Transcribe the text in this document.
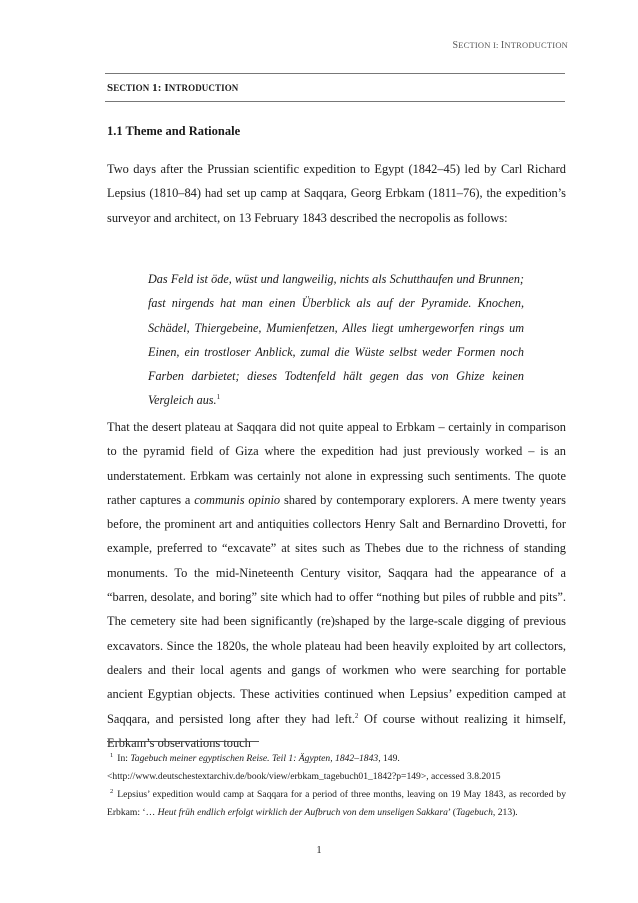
SECTION I: INTRODUCTION
SECTION 1: INTRODUCTION
1.1 Theme and Rationale

Two days after the Prussian scientific expedition to Egypt (1842–45) led by Carl Richard Lepsius (1810–84) had set up camp at Saqqara, Georg Erbkam (1811–76), the expedition’s surveyor and architect, on 13 February 1843 described the necropolis as follows:

Das Feld ist öde, wüst und langweilig, nichts als Schutthaufen und Brunnen; fast nirgends hat man einen Überblick als auf der Pyramide. Knochen, Schädel, Thiergebeine, Mumienfetzen, Alles liegt umhergeworfen rings um Einen, ein trostloser Anblick, zumal die Wüste selbst weder Formen noch Farben darbietet; dieses Todtenfeld hält gegen das von Ghize keinen Vergleich aus.$^1$

That the desert plateau at Saqqara did not quite appeal to Erbkam – certainly in comparison to the pyramid field of Giza where the expedition had just previously worked – is an understatement. Erbkam was certainly not alone in expressing such sentiments. The quote rather captures a communis opinio shared by contemporary explorers. A mere twenty years before, the prominent art and antiquities collectors Henry Salt and Bernardino Drovetti, for example, preferred to “excavate” at sites such as Thebes due to the richness of standing monuments. To the mid-Nineteenth Century visitor, Saqqara had the appearance of a “barren, desolate, and boring” site which had to offer “nothing but piles of rubble and pits”. The cemetery site had been significantly (re)shaped by the large-scale digging of previous excavators. Since the 1820s, the whole plateau had been heavily exploited by art collectors, dealers and their local agents and gangs of workmen who were searching for portable ancient Egyptian objects. These activities continued when Lepsius’ expedition camped at Saqqara, and persisted long after they had left.$^2$ Of course without realizing it himself, Erbkam’s observations touch

$^1$ In: Tagebuch meiner egyptischen Reise. Teil 1: Ägypten, 1842–1843, 149.
<http://www.deutschestextarchiv.de/book/view/erbkam_tagebuch01_1842?p=149>, accessed 3.8.2015

$^2$ Lepsius’ expedition would camp at Saqqara for a period of three months, leaving on 19 May 1843, as recorded by Erbkam: ‘… Heut früh endlich erfolgt wirklich der Aufbruch von dem unseligen Sakkara’ (Tagebuch, 213).

1
